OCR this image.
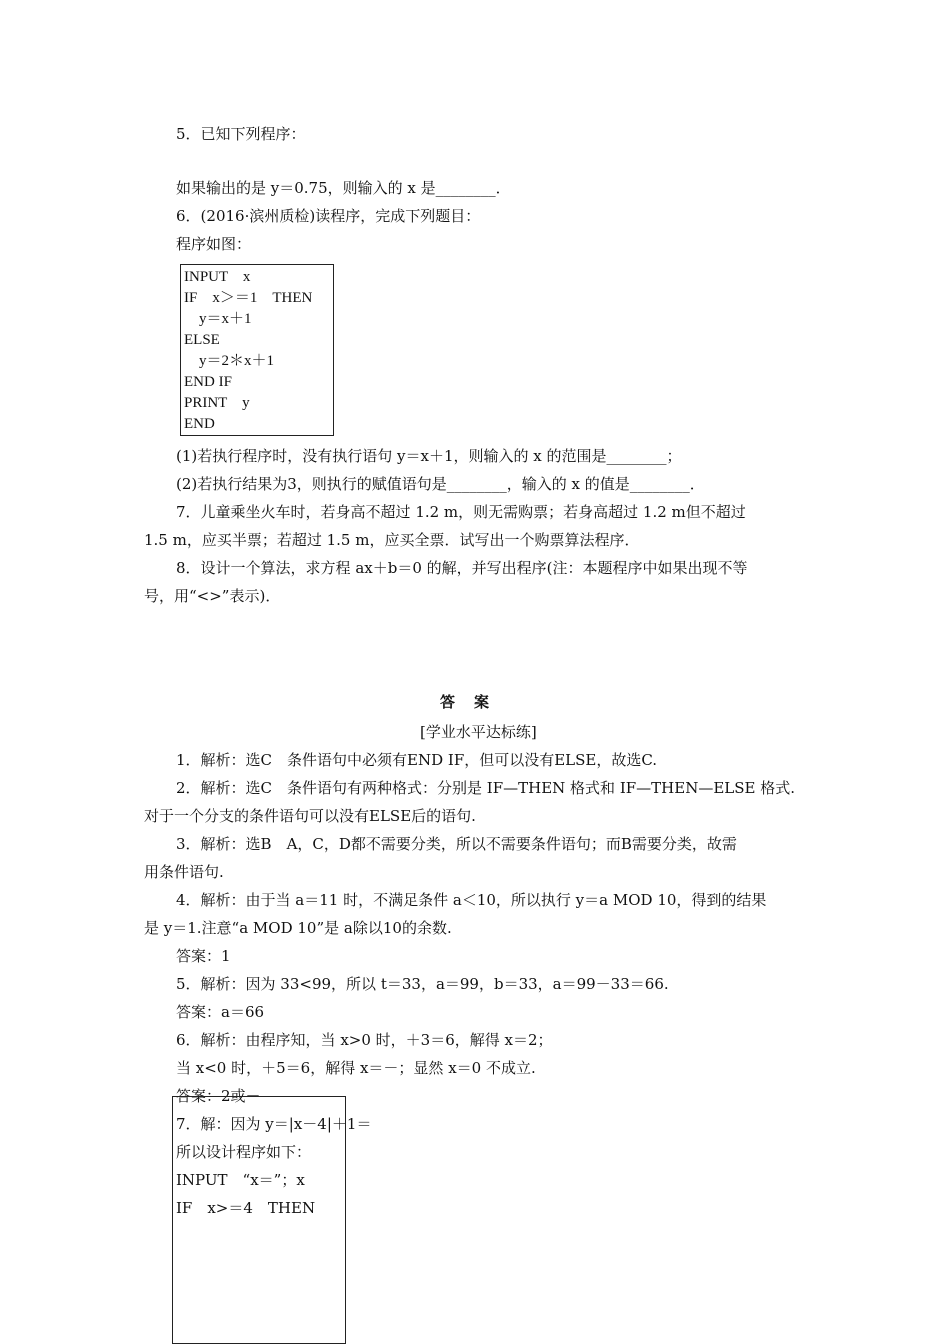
5．已知下列程序：
如果输出的是 y＝0.75，则输入的 x 是________．
6．(2016·滨州质检)读程序，完成下列题目：
程序如图：
INPUT　x
IF　x＞＝1　THEN
　y＝x＋1
ELSE
　y＝2＊x＋1
END IF
PRINT　y
END
(1)若执行程序时，没有执行语句 y＝x＋1，则输入的 x 的范围是________；
(2)若执行结果为3，则执行的赋值语句是________，输入的 x 的值是________．
7．儿童乘坐火车时，若身高不超过 1.2 m，则无需购票；若身高超过 1.2 m但不超过
1.5 m，应买半票；若超过 1.5 m，应买全票．试写出一个购票算法程序．
8．设计一个算法，求方程 ax＋b＝0 的解，并写出程序(注：本题程序中如果出现不等
号，用“<>”表示)．
答　案
[学业水平达标练]
1．解析：选C　条件语句中必须有END IF，但可以没有ELSE，故选C.
2．解析：选C　条件语句有两种格式：分别是 IF—THEN 格式和 IF—THEN—ELSE 格式.
对于一个分支的条件语句可以没有ELSE后的语句.
3．解析：选B　A，C，D都不需要分类，所以不需要条件语句；而B需要分类，故需
用条件语句.
4．解析：由于当 a＝11 时，不满足条件 a＜10，所以执行 y＝a MOD 10，得到的结果
是 y＝1.注意“a MOD 10”是 a除以10的余数.
答案：1
5．解析：因为 33<99，所以 t＝33，a＝99，b＝33，a＝99－33＝66.
答案：a＝66
6．解析：由程序知，当 x>0 时，＋3＝6，解得 x＝2；
当 x<0 时，＋5＝6，解得 x＝－；显然 x＝0 不成立.
答案：2或－
7．解：因为 y＝|x－4|＋1＝
所以设计程序如下：
INPUT　“x＝”；x
IF　x>＝4　THEN
